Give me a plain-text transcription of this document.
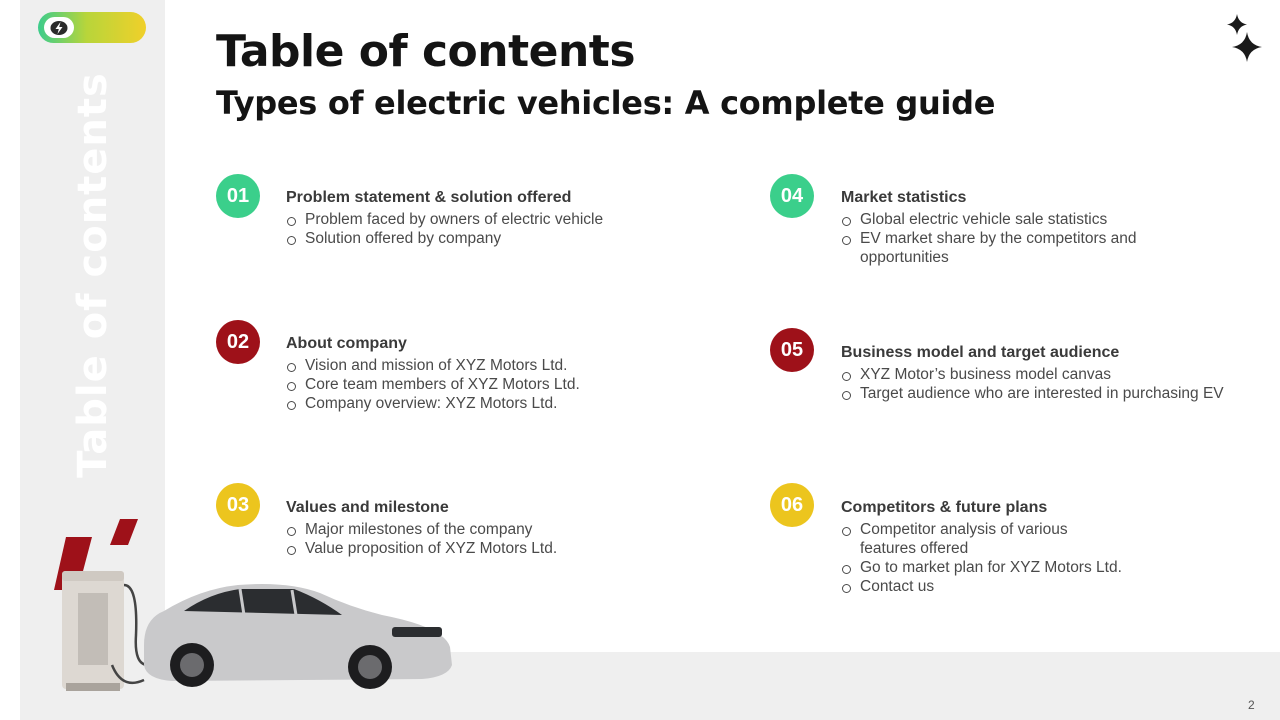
Table of contents
Table of contents
Types of electric vehicles: A complete guide
01	Problem statement & solution offered
Problem faced by owners of electric vehicle
Solution offered by company
02	About company
Vision and mission of XYZ Motors Ltd.
Core team members of XYZ Motors Ltd.
Company overview: XYZ Motors Ltd.
03	Values and milestone
Major milestones of the company
Value proposition of XYZ Motors Ltd.
04	Market statistics
Global electric vehicle sale statistics
EV market share by the competitors and opportunities
05	Business model and target audience
XYZ Motor’s business model canvas
Target audience who are interested in purchasing EV
06	Competitors & future plans
Competitor analysis of various features offered
Go to market plan for XYZ Motors Ltd.
Contact us
2
